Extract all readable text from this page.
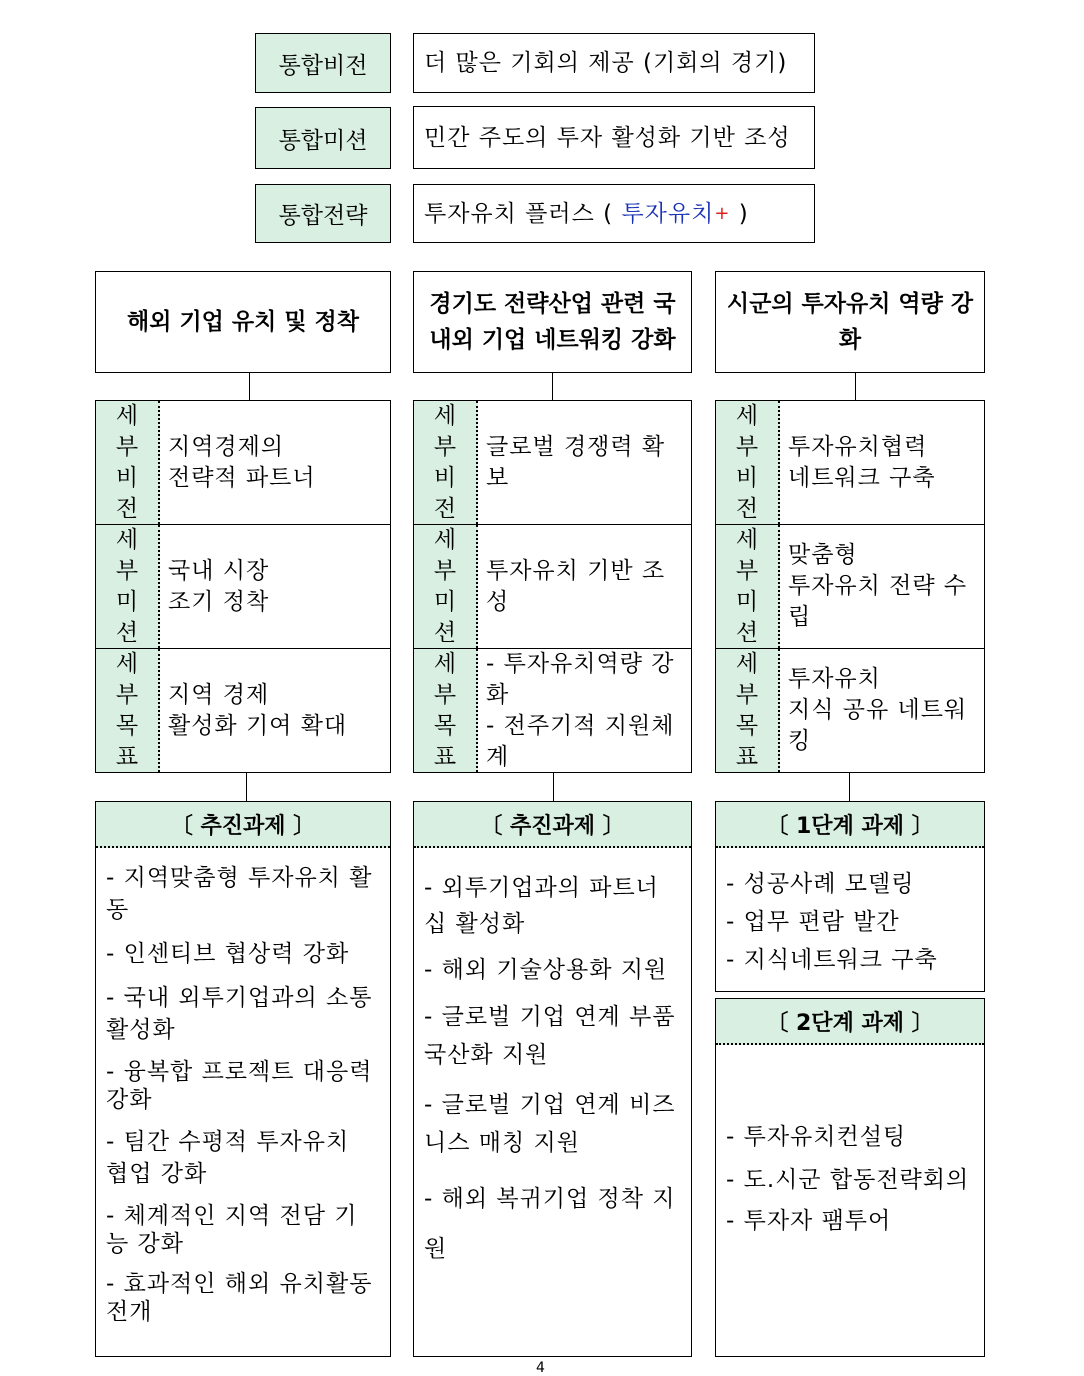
통합비전 더 많은 기회의 제공 (기회의 경기)
통합미션 민간 주도의 투자 활성화 기반 조성
통합전략 투자유치 플러스 ( 투자유치 + )
해외 기업 유치 및 정착
경기도 전략산업 관련 국내외 기업 네트워킹 강화
시군의 투자유치 역량 강화
세
부
비
전
지역경제의
전략적 파트너
세
부
미
션
국내 시장
조기 정착
세
부
목
표
지역 경제
활성화 기여 확대
세
부
비
전
글로벌 경쟁력 확보
세
부
미
션
투자유치 기반 조성
세
부
목
표
- 투자유치역량 강화
- 전주기적 지원체계
세
부
비
전
투자유치협력
네트워크 구축
세
부
미
션
맞춤형
투자유치 전략 수립
세
부
목
표
투자유치
지식 공유 네트워킹
〔 추진과제 〕
- 지역맞춤형 투자유치 활동
- 인센티브 협상력 강화
- 국내 외투기업과의 소통 활성화
- 융복합 프로젝트 대응력 강화
- 팀간 수평적 투자유치 협업 강화
- 체계적인 지역 전담 기능 강화
- 효과적인 해외 유치활동 전개
〔 추진과제 〕
- 외투기업과의 파트너십 활성화
- 해외 기술상용화 지원
- 글로벌 기업 연계 부품국산화 지원
- 글로벌 기업 연계 비즈니스 매칭 지원
- 해외 복귀기업 정착 지원
〔 1단계 과제 〕
- 성공사례 모델링
- 업무 편람 발간
- 지식네트워크 구축
〔 2단계 과제 〕
- 투자유치컨설팅
- 도.시군 합동전략회의
- 투자자 팸투어
4
